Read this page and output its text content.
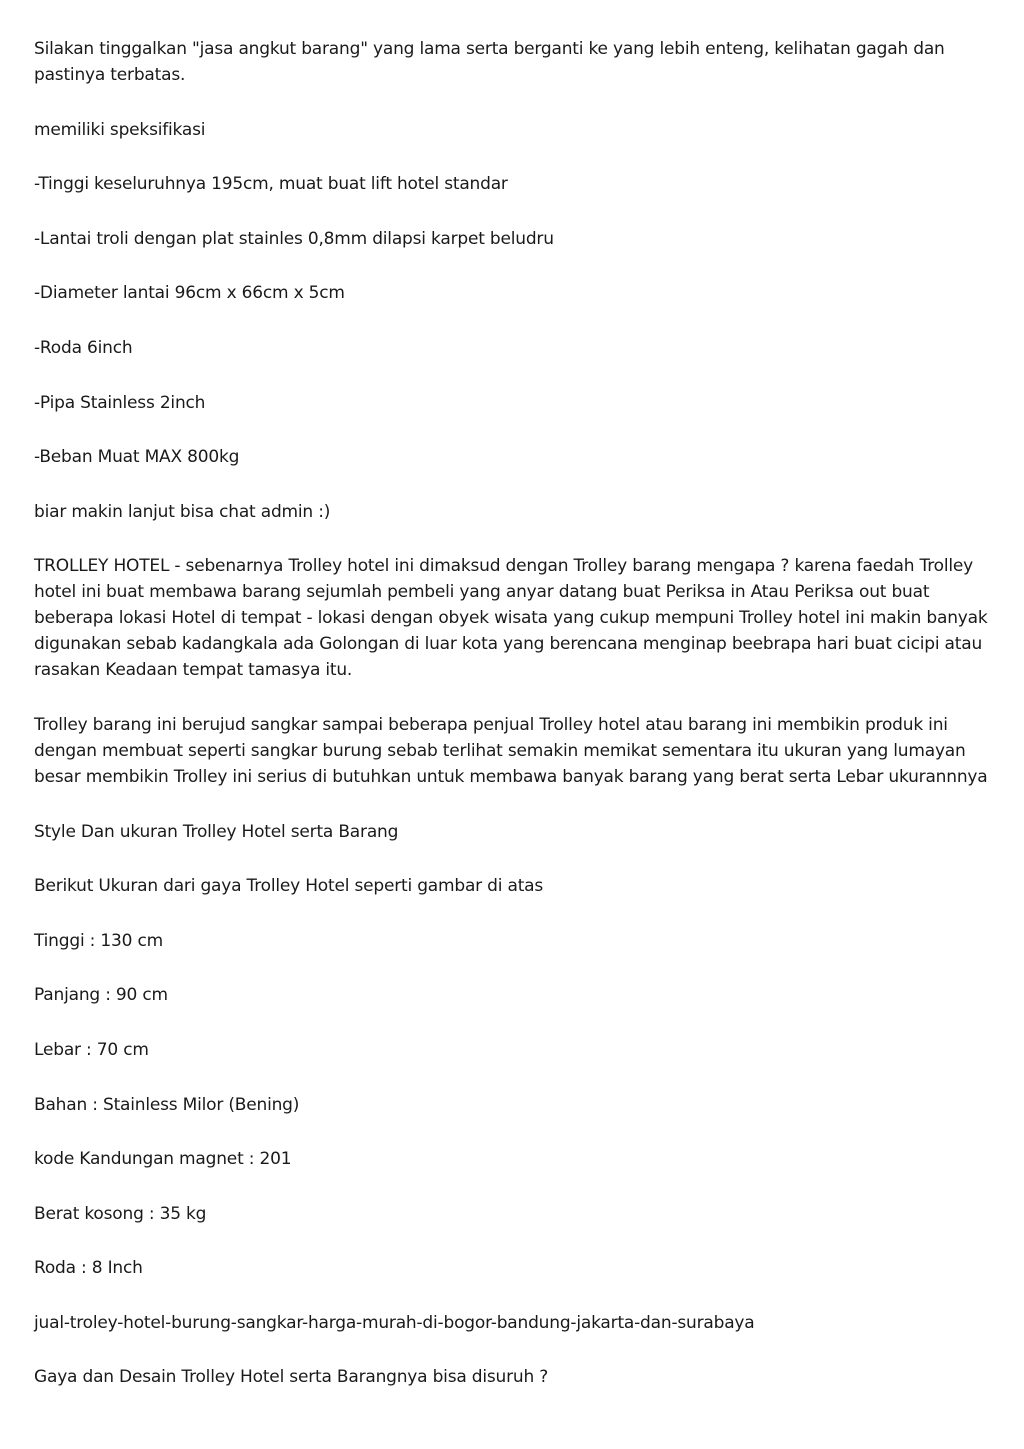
Silakan tinggalkan "jasa angkut barang" yang lama serta berganti ke yang lebih enteng, kelihatan gagah dan pastinya terbatas.

memiliki speksifikasi

-Tinggi keseluruhnya 195cm, muat buat lift hotel standar

-Lantai troli dengan plat stainles 0,8mm dilapsi karpet beludru

-Diameter lantai 96cm x 66cm x 5cm

-Roda 6inch

-Pipa Stainless 2inch

-Beban Muat MAX 800kg

biar makin lanjut bisa chat admin :)

TROLLEY HOTEL - sebenarnya Trolley hotel ini dimaksud dengan Trolley barang mengapa ? karena faedah Trolley hotel ini buat membawa barang sejumlah pembeli yang anyar datang buat Periksa in Atau Periksa out buat beberapa lokasi Hotel di tempat - lokasi dengan obyek wisata yang cukup mempuni Trolley hotel ini makin banyak digunakan sebab kadangkala ada Golongan di luar kota yang berencana menginap beebrapa hari buat cicipi atau rasakan Keadaan tempat tamasya itu.

Trolley barang ini berujud sangkar sampai beberapa penjual Trolley hotel atau barang ini membikin produk ini dengan membuat seperti sangkar burung sebab terlihat semakin memikat sementara itu ukuran yang lumayan besar membikin Trolley ini serius di butuhkan untuk membawa banyak barang yang berat serta Lebar ukurannnya

Style Dan ukuran Trolley Hotel serta Barang

Berikut Ukuran dari gaya Trolley Hotel seperti gambar di atas

Tinggi : 130 cm

Panjang : 90 cm

Lebar : 70 cm

Bahan : Stainless Milor (Bening)

kode Kandungan magnet : 201

Berat kosong : 35 kg

Roda : 8 Inch

jual-troley-hotel-burung-sangkar-harga-murah-di-bogor-bandung-jakarta-dan-surabaya

Gaya dan Desain Trolley Hotel serta Barangnya bisa disuruh ?
